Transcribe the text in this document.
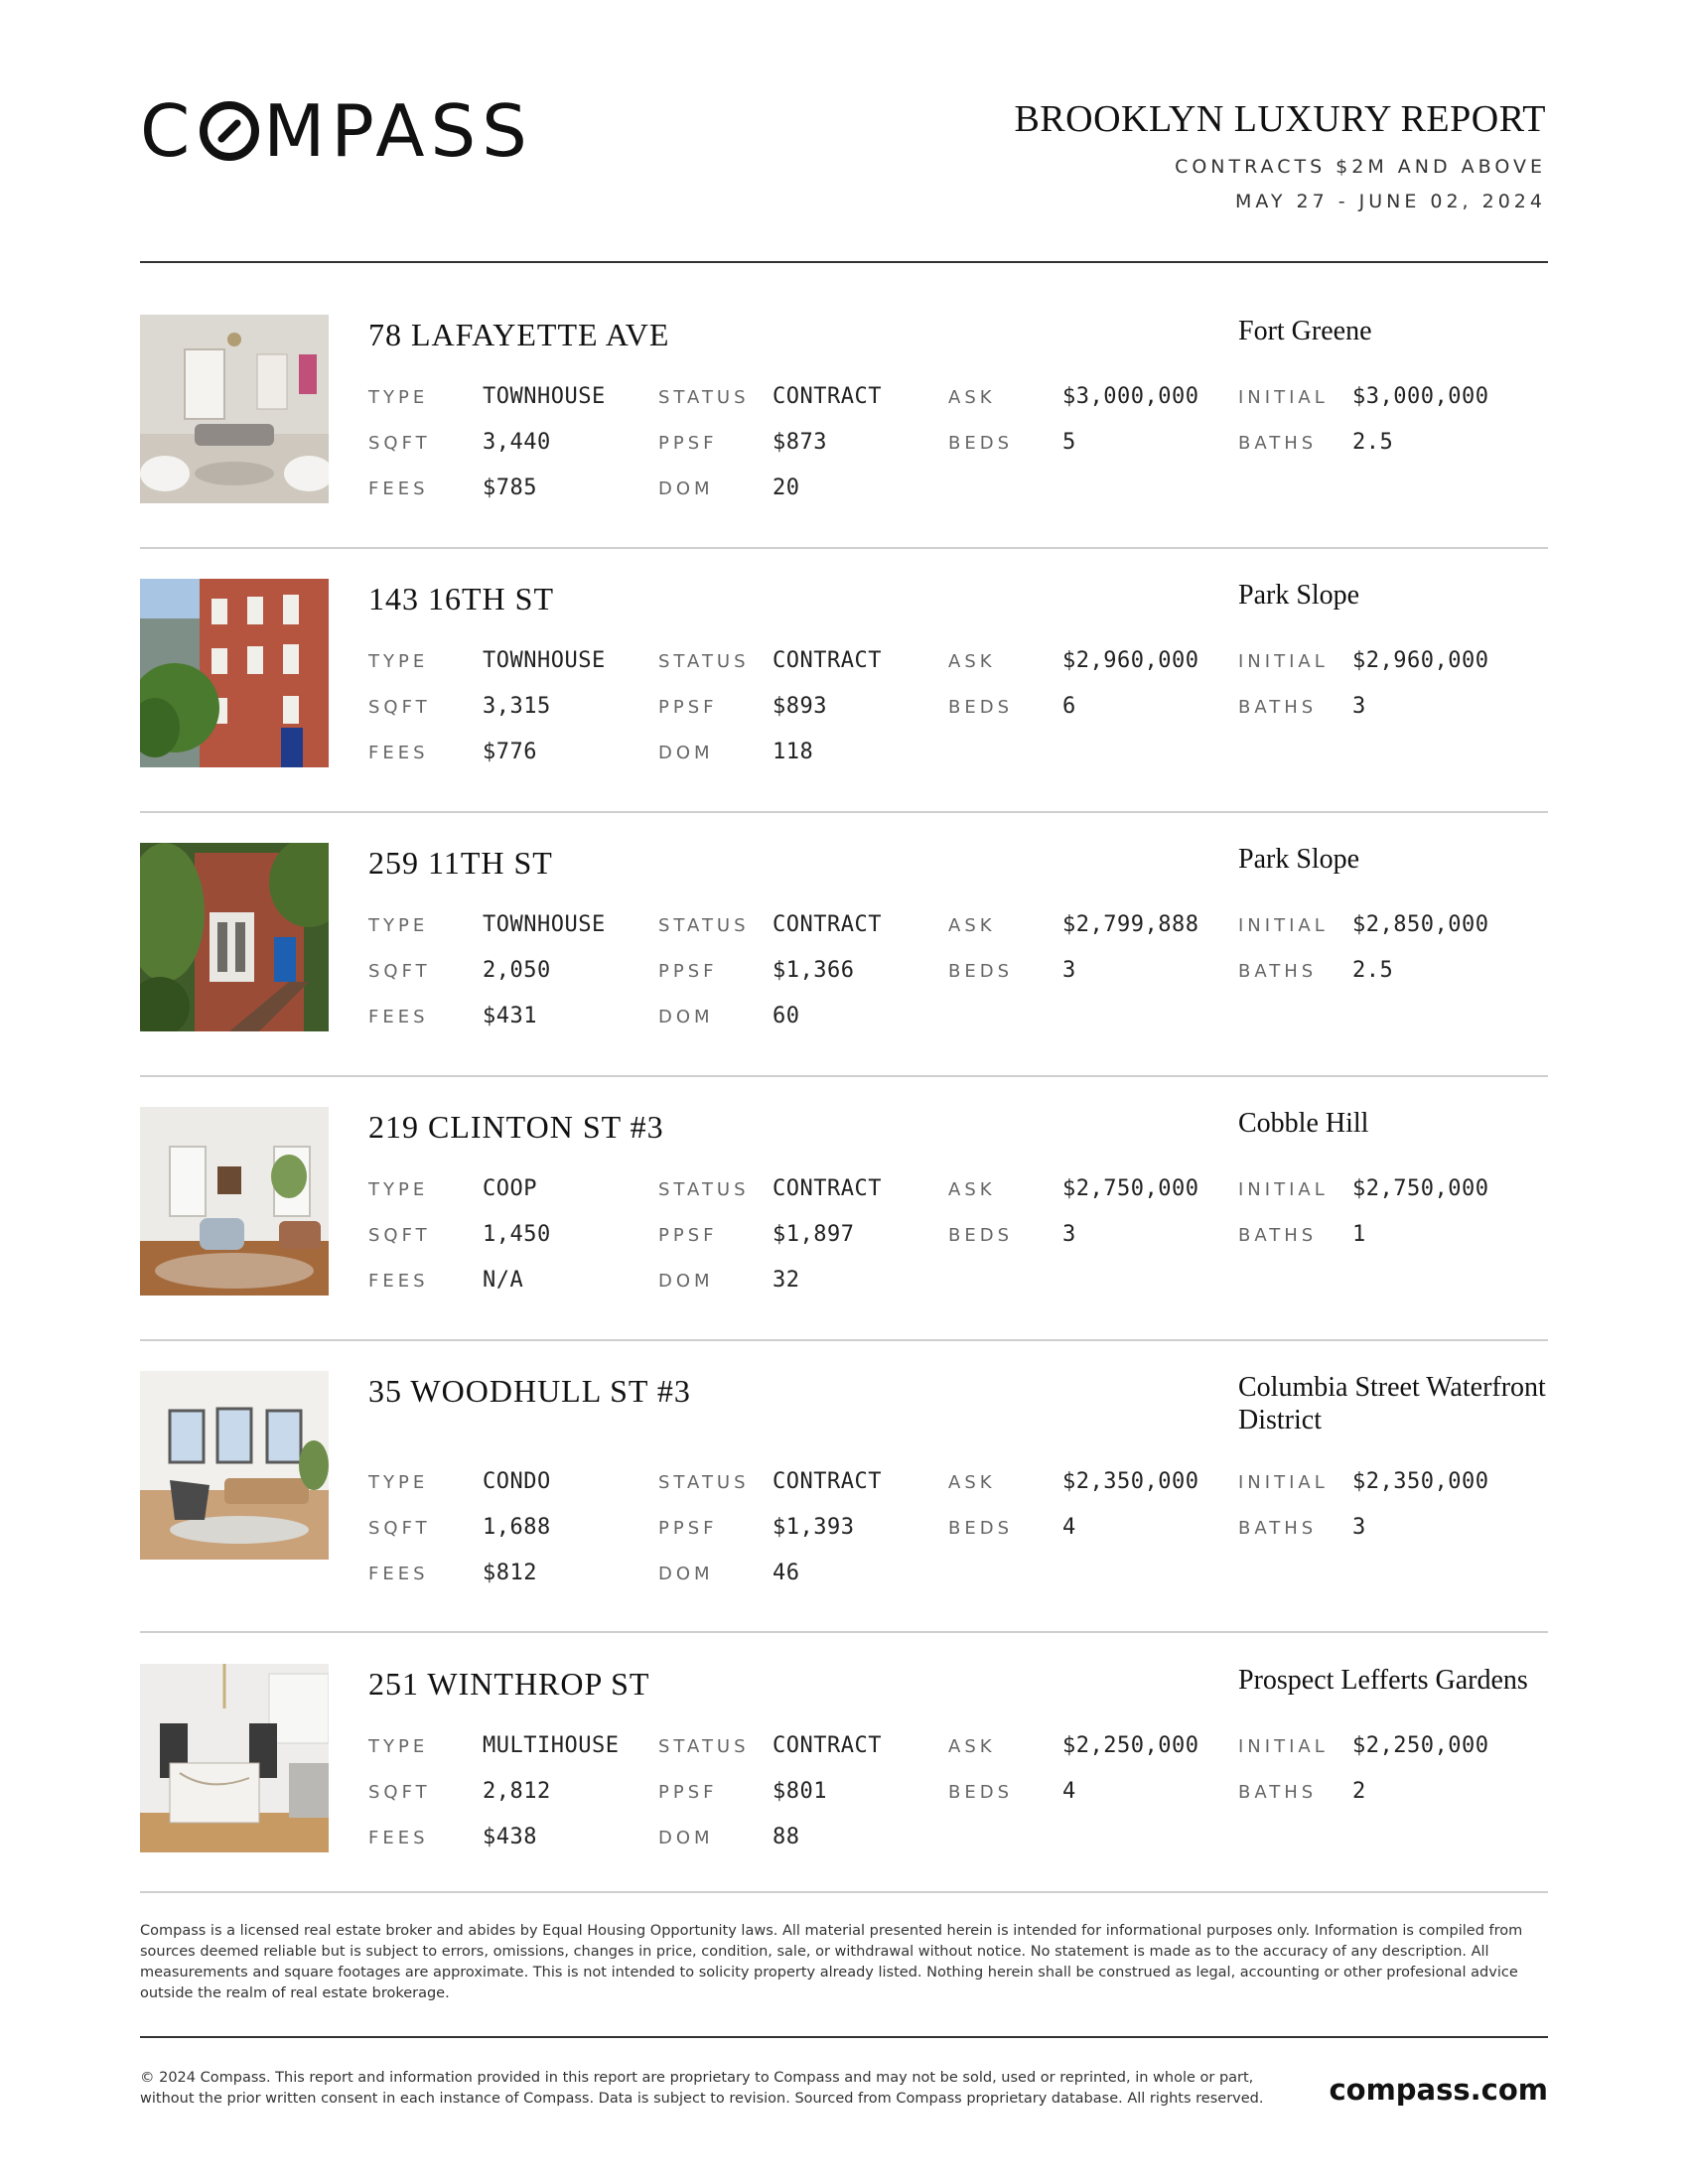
C MPASS	BROOKLYN LUXURY REPORT
CONTRACTS $2M AND ABOVE
MAY 27 - JUNE 02, 2024
78 LAFAYETTE AVE	Fort Greene
TYPE TOWNHOUSE	STATUS CONTRACT	ASK	$3,000,000 INITIAL $3,000,000
SQFT 3,440	PPSF	$873	BEDS 5	BATHS 2.5
FEES $785	DOM	20
143 16TH ST	Park Slope
TYPE TOWNHOUSE	STATUS CONTRACT	ASK	$2,960,000 INITIAL $2,960,000
SQFT 3,315	PPSF	$893	BEDS 6	BATHS 3
FEES $776	DOM	118
259 11TH ST	Park Slope
TYPE TOWNHOUSE	STATUS CONTRACT	ASK	$2,799,888 INITIAL $2,850,000
SQFT 2,050	PPSF	$1,366	BEDS 3	BATHS 2.5
FEES $431	DOM	60
219 CLINTON ST #3	Cobble Hill
TYPE COOP	STATUS CONTRACT	ASK	$2,750,000 INITIAL $2,750,000
SQFT 1,450	PPSF	$1,897	BEDS 3	BATHS 1
FEES N/A	DOM	32
35 WOODHULL ST #3	Columbia Street Waterfront District
TYPE CONDO	STATUS CONTRACT	ASK	$2,350,000 INITIAL $2,350,000
SQFT 1,688	PPSF	$1,393	BEDS 4	BATHS 3
FEES $812	DOM	46
251 WINTHROP ST	Prospect Lefferts Gardens
TYPE MULTIHOUSE STATUS CONTRACT	ASK	$2,250,000 INITIAL $2,250,000
SQFT 2,812	PPSF	$801	BEDS 4	BATHS 2
FEES $438	DOM	88
Compass is a licensed real estate broker and abides by Equal Housing Opportunity laws. All material presented herein is intended for informational purposes only. Information is compiled from sources deemed reliable but is subject to errors, omissions, changes in price, condition, sale, or withdrawal without notice. No statement is made as to the accuracy of any description. All measurements and square footages are approximate. This is not intended to solicity property already listed. Nothing herein shall be construed as legal, accounting or other profesional advice outside the realm of real estate brokerage.
© 2024 Compass. This report and information provided in this report are proprietary to Compass and may not be sold, used or reprinted, in whole or part, without the prior written consent in each instance of Compass. Data is subject to revision. Sourced from Compass proprietary database. All rights reserved.	compass.com
